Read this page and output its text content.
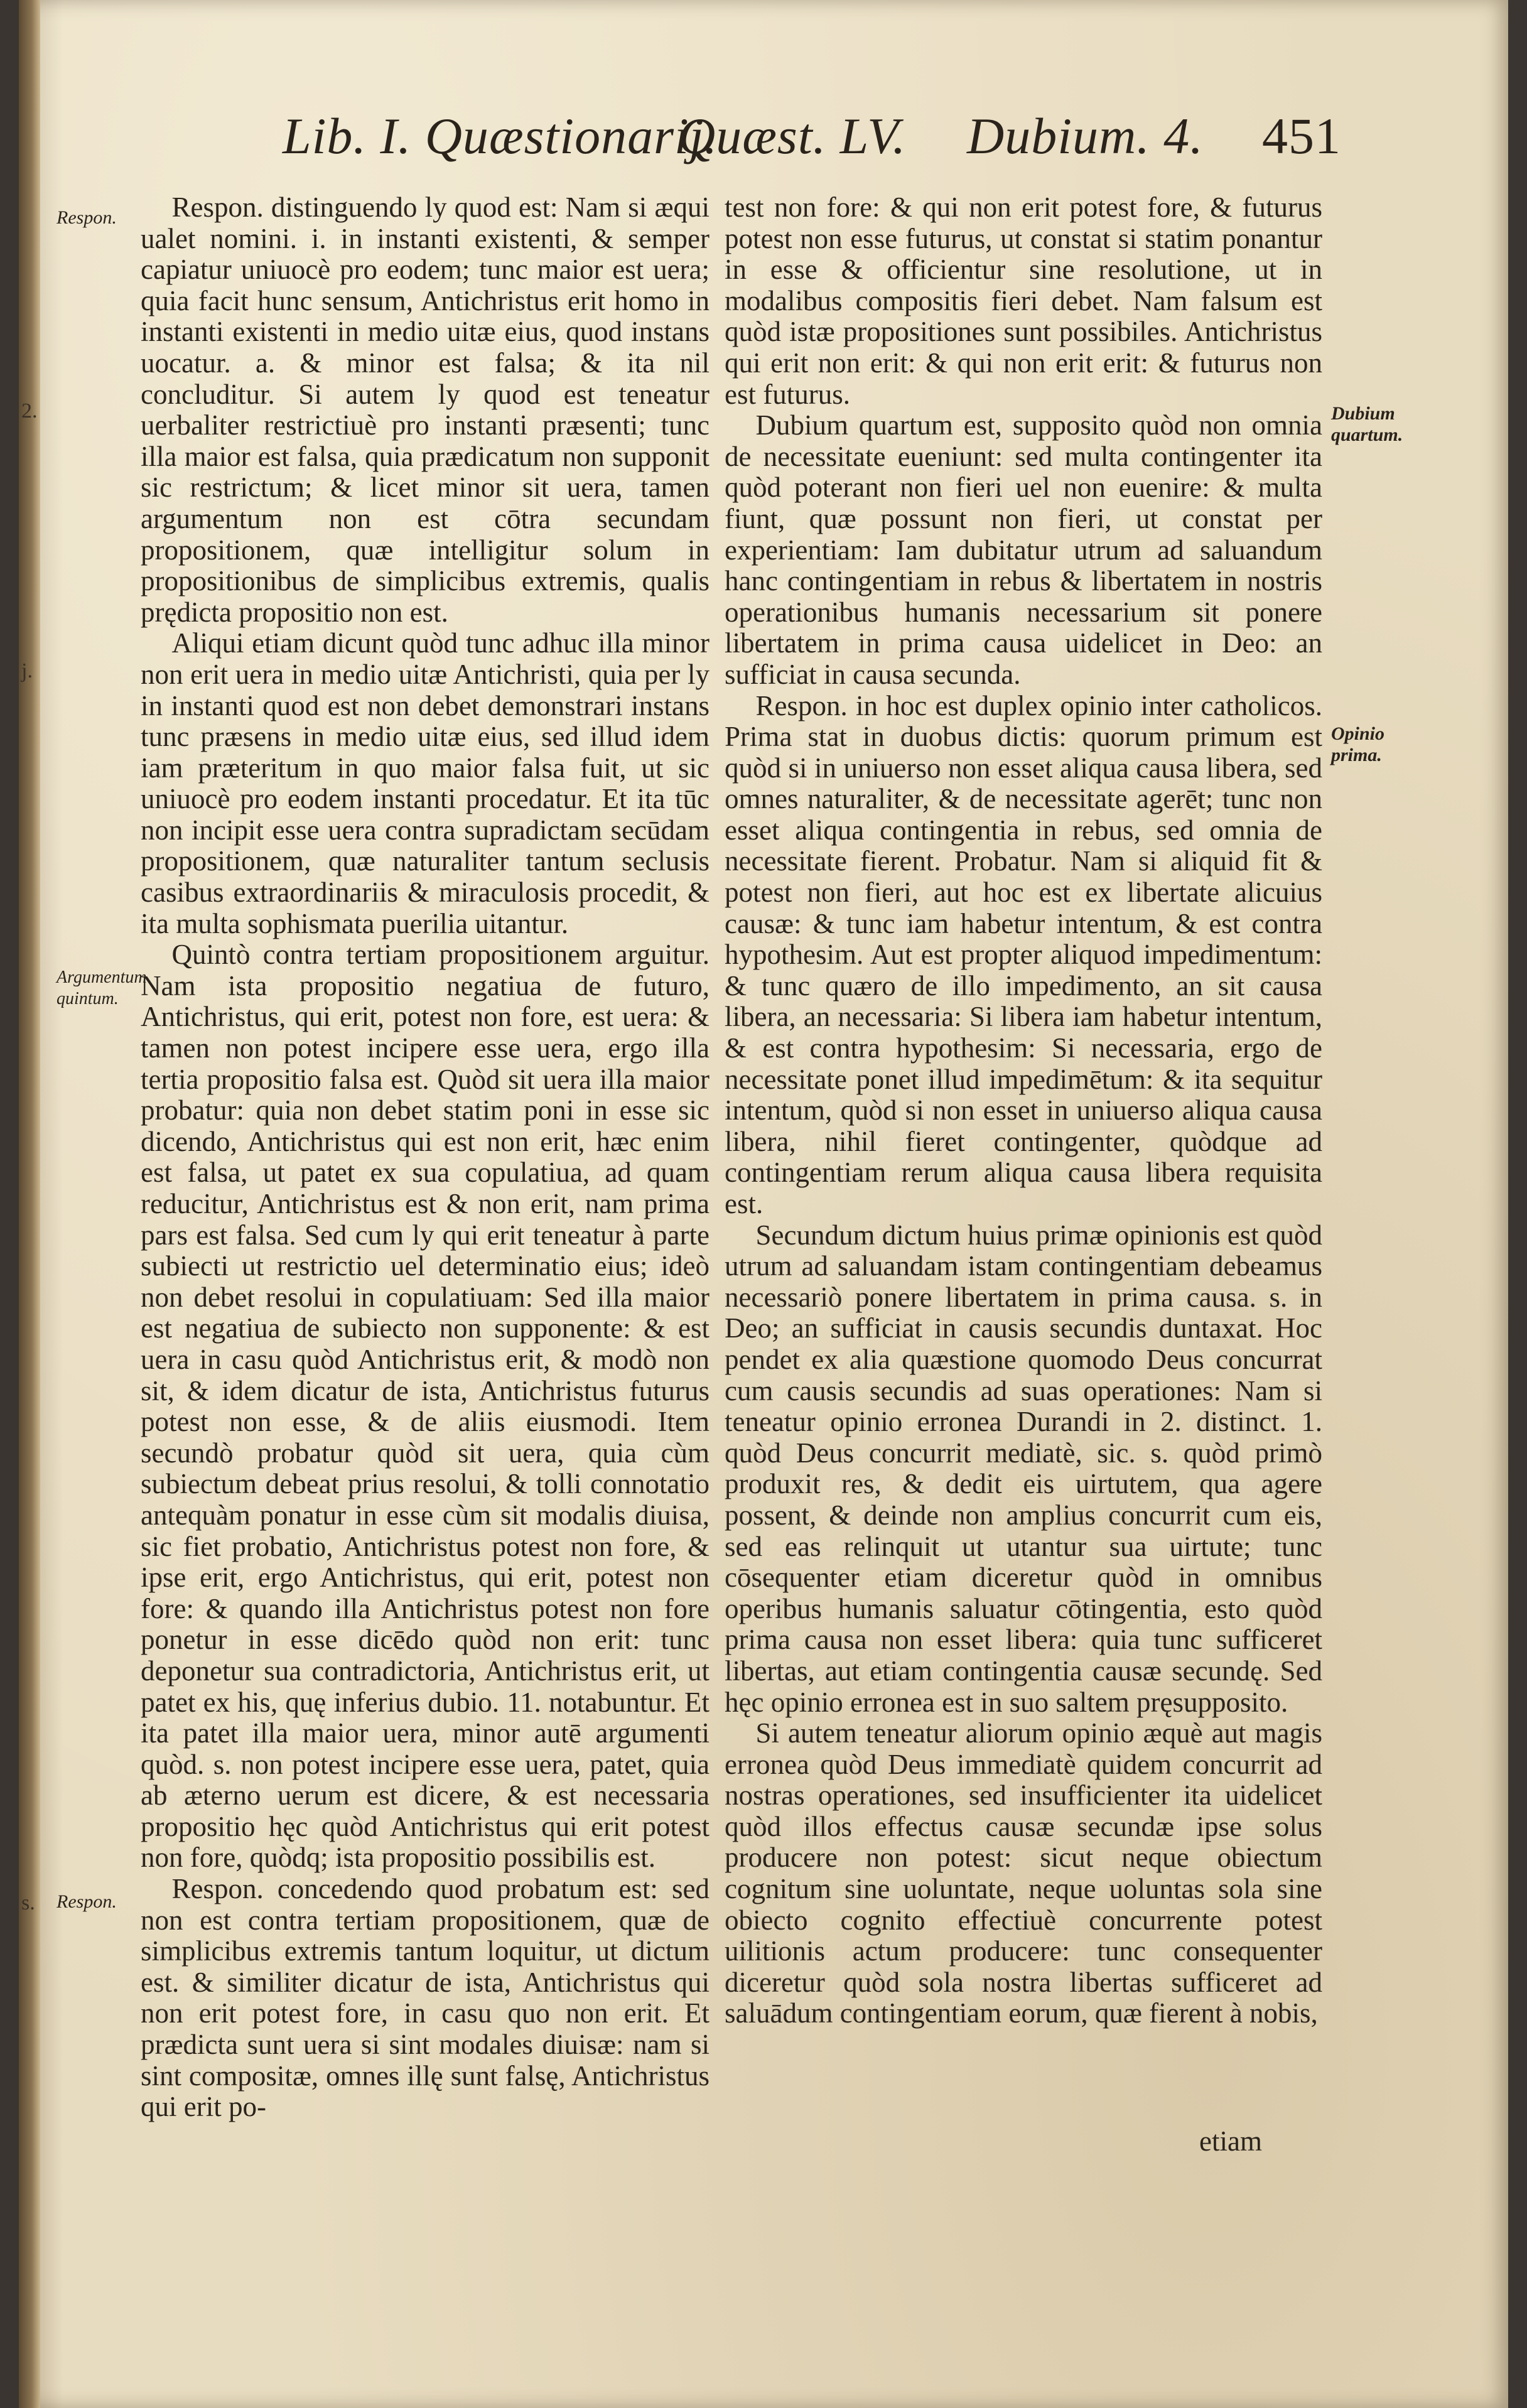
Lib. I. Quæstionarij.
Quæst. LV. Dubium. 4. 451
2.
j.
s.
Respon.
Argumentum quintum.
Respon.
Dubium quartum.
Opinio prima.

Respon. distinguendo ly quod est: Nam si æqui ualet nomini. i. in instanti existenti, & semper capiatur uniuocè pro eodem; tunc maior est uera; quia facit hunc sensum, Antichristus erit homo in instanti existenti in medio uitæ eius, quod instans uocatur. a. & minor est falsa; & ita nil concluditur. Si autem ly quod est teneatur uerbaliter restrictiuè pro instanti præsenti; tunc illa maior est falsa, quia prædicatum non supponit sic restrictum; & licet minor sit uera, tamen argumentum non est cōtra secundam propositionem, quæ intelligitur solum in propositionibus de simplicibus extremis, qualis prędicta propositio non est.

Aliqui etiam dicunt quòd tunc adhuc illa minor non erit uera in medio uitæ Antichristi, quia per ly in instanti quod est non debet demonstrari instans tunc præsens in medio uitæ eius, sed illud idem iam præteritum in quo maior falsa fuit, ut sic uniuocè pro eodem instanti procedatur. Et ita tūc non incipit esse uera contra supradictam secūdam propositionem, quæ naturaliter tantum seclusis casibus extraordinariis & miraculosis procedit, & ita multa sophismata puerilia uitantur.

Quintò contra tertiam propositionem arguitur. Nam ista propositio negatiua de futuro, Antichristus, qui erit, potest non fore, est uera: & tamen non potest incipere esse uera, ergo illa tertia propositio falsa est. Quòd sit uera illa maior probatur: quia non debet statim poni in esse sic dicendo, Antichristus qui est non erit, hæc enim est falsa, ut patet ex sua copulatiua, ad quam reducitur, Antichristus est & non erit, nam prima pars est falsa. Sed cum ly qui erit teneatur à parte subiecti ut restrictio uel determinatio eius; ideò non debet resolui in copulatiuam: Sed illa maior est negatiua de subiecto non supponente: & est uera in casu quòd Antichristus erit, & modò non sit, & idem dicatur de ista, Antichristus futurus potest non esse, & de aliis eiusmodi. Item secundò probatur quòd sit uera, quia cùm subiectum debeat prius resolui, & tolli connotatio antequàm ponatur in esse cùm sit modalis diuisa, sic fiet probatio, Antichristus potest non fore, & ipse erit, ergo Antichristus, qui erit, potest non fore: & quando illa Antichristus potest non fore ponetur in esse dicēdo quòd non erit: tunc deponetur sua contradictoria, Antichristus erit, ut patet ex his, quę inferius dubio. 11. notabuntur. Et ita patet illa maior uera, minor autē argumenti quòd. s. non potest incipere esse uera, patet, quia ab æterno uerum est dicere, & est necessaria propositio hęc quòd Antichristus qui erit potest non fore, quòdq; ista propositio possibilis est.

Respon. concedendo quod probatum est: sed non est contra tertiam propositionem, quæ de simplicibus extremis tantum loquitur, ut dictum est. & similiter dicatur de ista, Antichristus qui non erit potest fore, in casu quo non erit. Et prædicta sunt uera si sint modales diuisæ: nam si sint compositæ, omnes illę sunt falsę, Antichristus qui erit po-

test non fore: & qui non erit potest fore, & futurus potest non esse futurus, ut constat si statim ponantur in esse & officientur sine resolutione, ut in modalibus compositis fieri debet. Nam falsum est quòd istæ propositiones sunt possibiles. Antichristus qui erit non erit: & qui non erit erit: & futurus non est futurus.

Dubium quartum est, supposito quòd non omnia de necessitate eueniunt: sed multa contingenter ita quòd poterant non fieri uel non euenire: & multa fiunt, quæ possunt non fieri, ut constat per experientiam: Iam dubitatur utrum ad saluandum hanc contingentiam in rebus & libertatem in nostris operationibus humanis necessarium sit ponere libertatem in prima causa uidelicet in Deo: an sufficiat in causa secunda.

Respon. in hoc est duplex opinio inter catholicos. Prima stat in duobus dictis: quorum primum est quòd si in uniuerso non esset aliqua causa libera, sed omnes naturaliter, & de necessitate agerēt; tunc non esset aliqua contingentia in rebus, sed omnia de necessitate fierent. Probatur. Nam si aliquid fit & potest non fieri, aut hoc est ex libertate alicuius causæ: & tunc iam habetur intentum, & est contra hypothesim. Aut est propter aliquod impedimentum: & tunc quæro de illo impedimento, an sit causa libera, an necessaria: Si libera iam habetur intentum, & est contra hypothesim: Si necessaria, ergo de necessitate ponet illud impedimētum: & ita sequitur intentum, quòd si non esset in uniuerso aliqua causa libera, nihil fieret contingenter, quòdque ad contingentiam rerum aliqua causa libera requisita est.

Secundum dictum huius primæ opinionis est quòd utrum ad saluandam istam contingentiam debeamus necessariò ponere libertatem in prima causa. s. in Deo; an sufficiat in causis secundis duntaxat. Hoc pendet ex alia quæstione quomodo Deus concurrat cum causis secundis ad suas operationes: Nam si teneatur opinio erronea Durandi in 2. distinct. 1. quòd Deus concurrit mediatè, sic. s. quòd primò produxit res, & dedit eis uirtutem, qua agere possent, & deinde non amplius concurrit cum eis, sed eas relinquit ut utantur sua uirtute; tunc cōsequenter etiam diceretur quòd in omnibus operibus humanis saluatur cōtingentia, esto quòd prima causa non esset libera: quia tunc sufficeret libertas, aut etiam contingentia causæ secundę. Sed hęc opinio erronea est in suo saltem pręsupposito.

Si autem teneatur aliorum opinio æquè aut magis erronea quòd Deus immediatè quidem concurrit ad nostras operationes, sed insufficienter ita uidelicet quòd illos effectus causæ secundæ ipse solus producere non potest: sicut neque obiectum cognitum sine uoluntate, neque uoluntas sola sine obiecto cognito effectiuè concurrente potest uilitionis actum producere: tunc consequenter diceretur quòd sola nostra libertas sufficeret ad saluādum contingentiam eorum, quæ fierent à nobis,

etiam
